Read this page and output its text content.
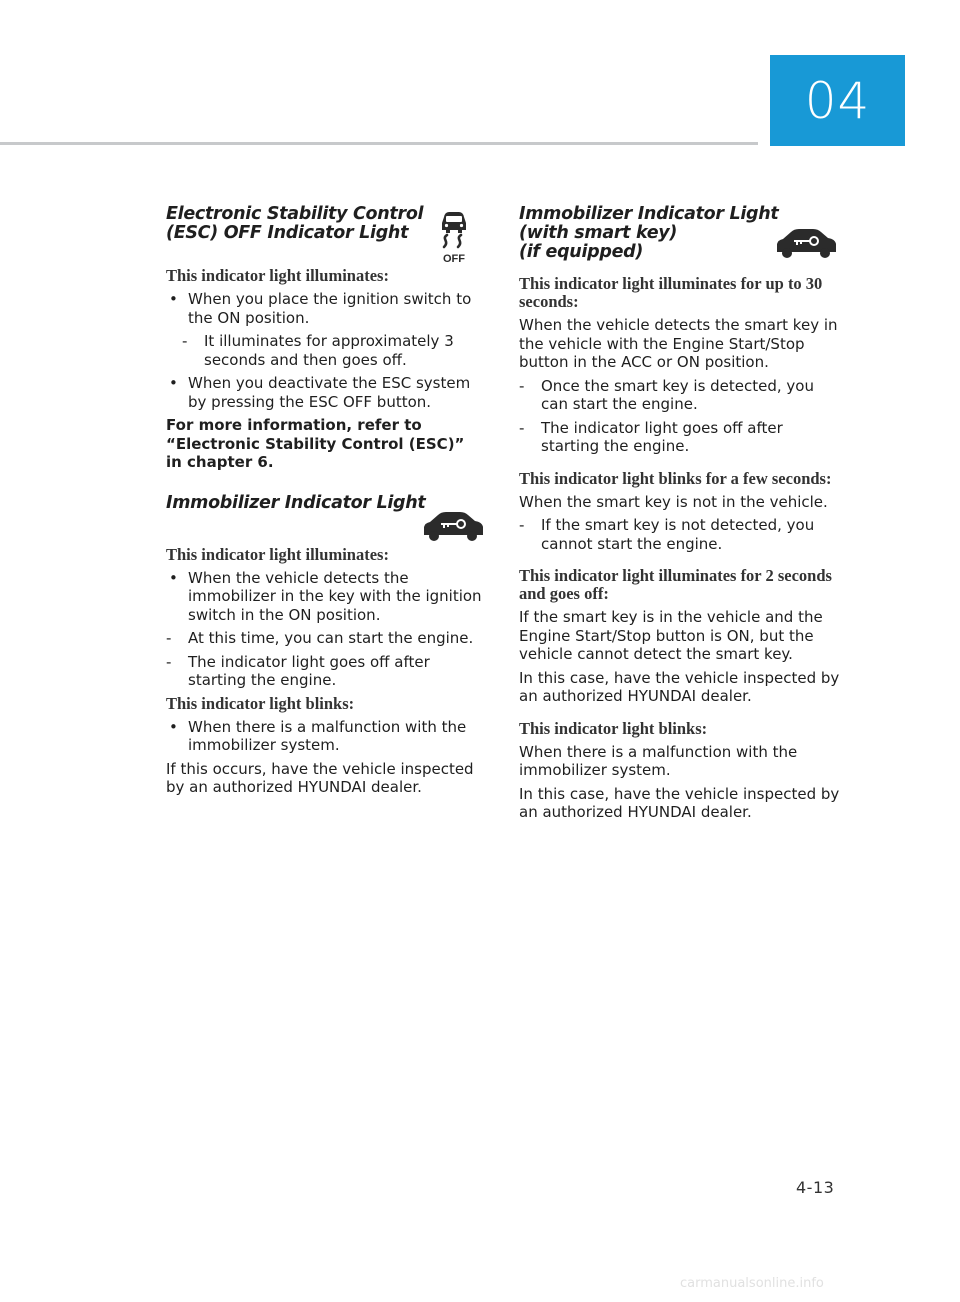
04
Electronic Stability Control
(ESC) OFF Indicator Light
OFF
This indicator light illuminates:
• When you place the ignition switch to the ON position.
- It illuminates for approximately 3 seconds and then goes off.
• When you deactivate the ESC system by pressing the ESC OFF button.

For more information, refer to “Electronic Stability Control (ESC)” in chapter 6.

Immobilizer Indicator Light
This indicator light illuminates:
• When the vehicle detects the immobilizer in the key with the ignition switch in the ON position.
- At this time, you can start the engine.
- The indicator light goes off after starting the engine.
This indicator light blinks:
• When there is a malfunction with the immobilizer system.

If this occurs, have the vehicle inspected by an authorized HYUNDAI dealer.

Immobilizer Indicator Light
(with smart key)
(if equipped)
This indicator light illuminates for up to 30 seconds:

When the vehicle detects the smart key in the vehicle with the Engine Start/Stop button in the ACC or ON position.

- Once the smart key is detected, you can start the engine.
- The indicator light goes off after starting the engine.
This indicator light blinks for a few seconds:

When the smart key is not in the vehicle.

- If the smart key is not detected, you cannot start the engine.
This indicator light illuminates for 2 seconds and goes off:

If the smart key is in the vehicle and the Engine Start/Stop button is ON, but the vehicle cannot detect the smart key.

In this case, have the vehicle inspected by an authorized HYUNDAI dealer.

This indicator light blinks:

When there is a malfunction with the immobilizer system.

In this case, have the vehicle inspected by an authorized HYUNDAI dealer.

4-13
carmanualsonline.info
